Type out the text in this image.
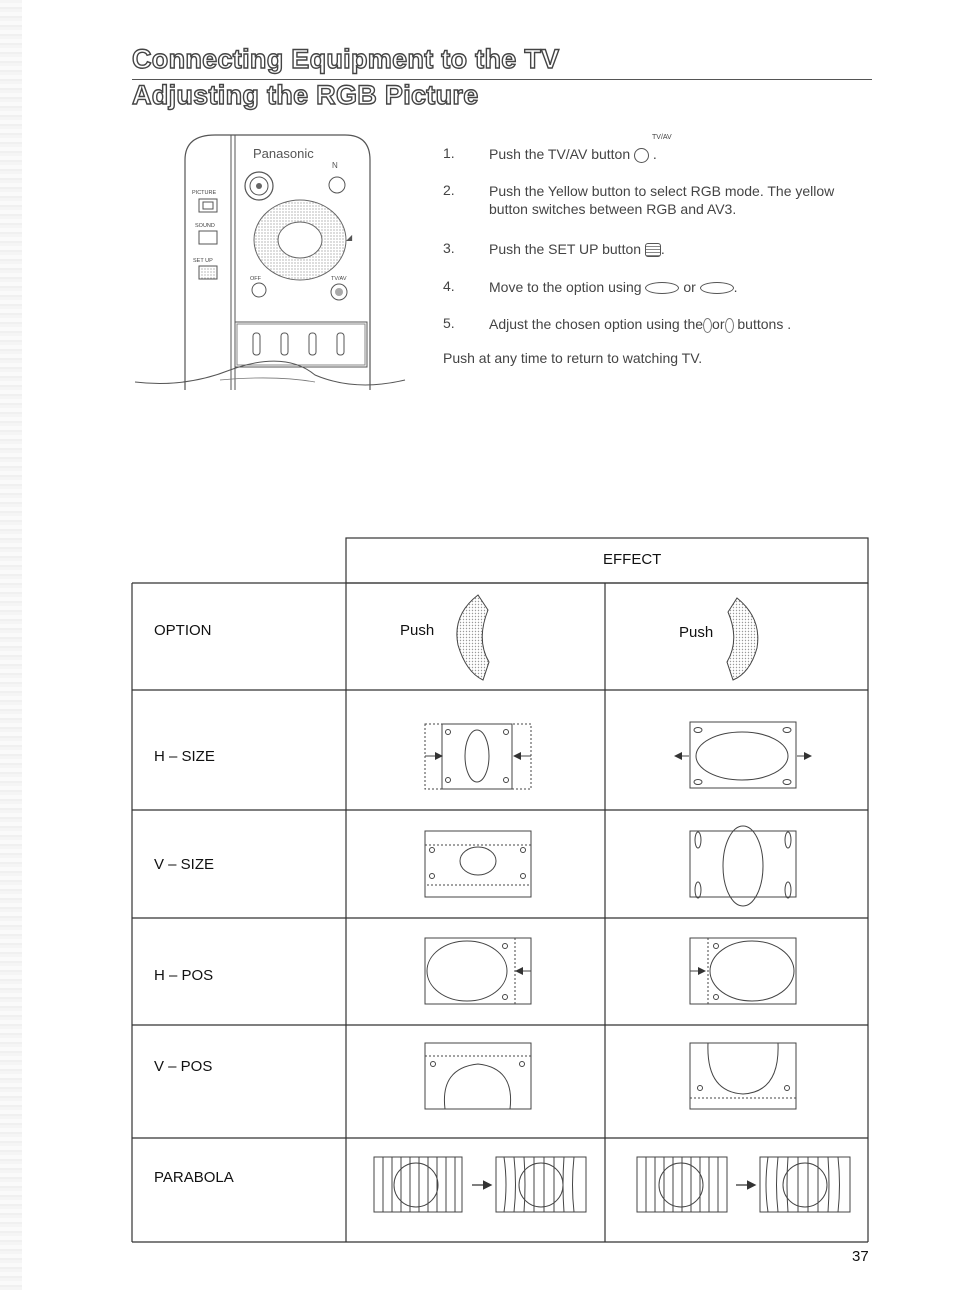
Connecting Equipment to the TV
Adjusting the RGB Picture
Panasonic
PICTURE
SOUND
SET UP
N
◢
OFF	TV/AV
TV/AV
1. Push the TV/AV button  .
2. Push the Yellow button to select RGB mode. The yellow button switches between RGB and AV3.
3. Push the SET UP button .
4. Move to the option using	or	.
5. Adjust the chosen option using the or buttons .
Push at any time to return to watching TV.
EFFECT
OPTION	Push	Push
H – SIZE
V – SIZE
H – POS
V – POS
PARABOLA
37
